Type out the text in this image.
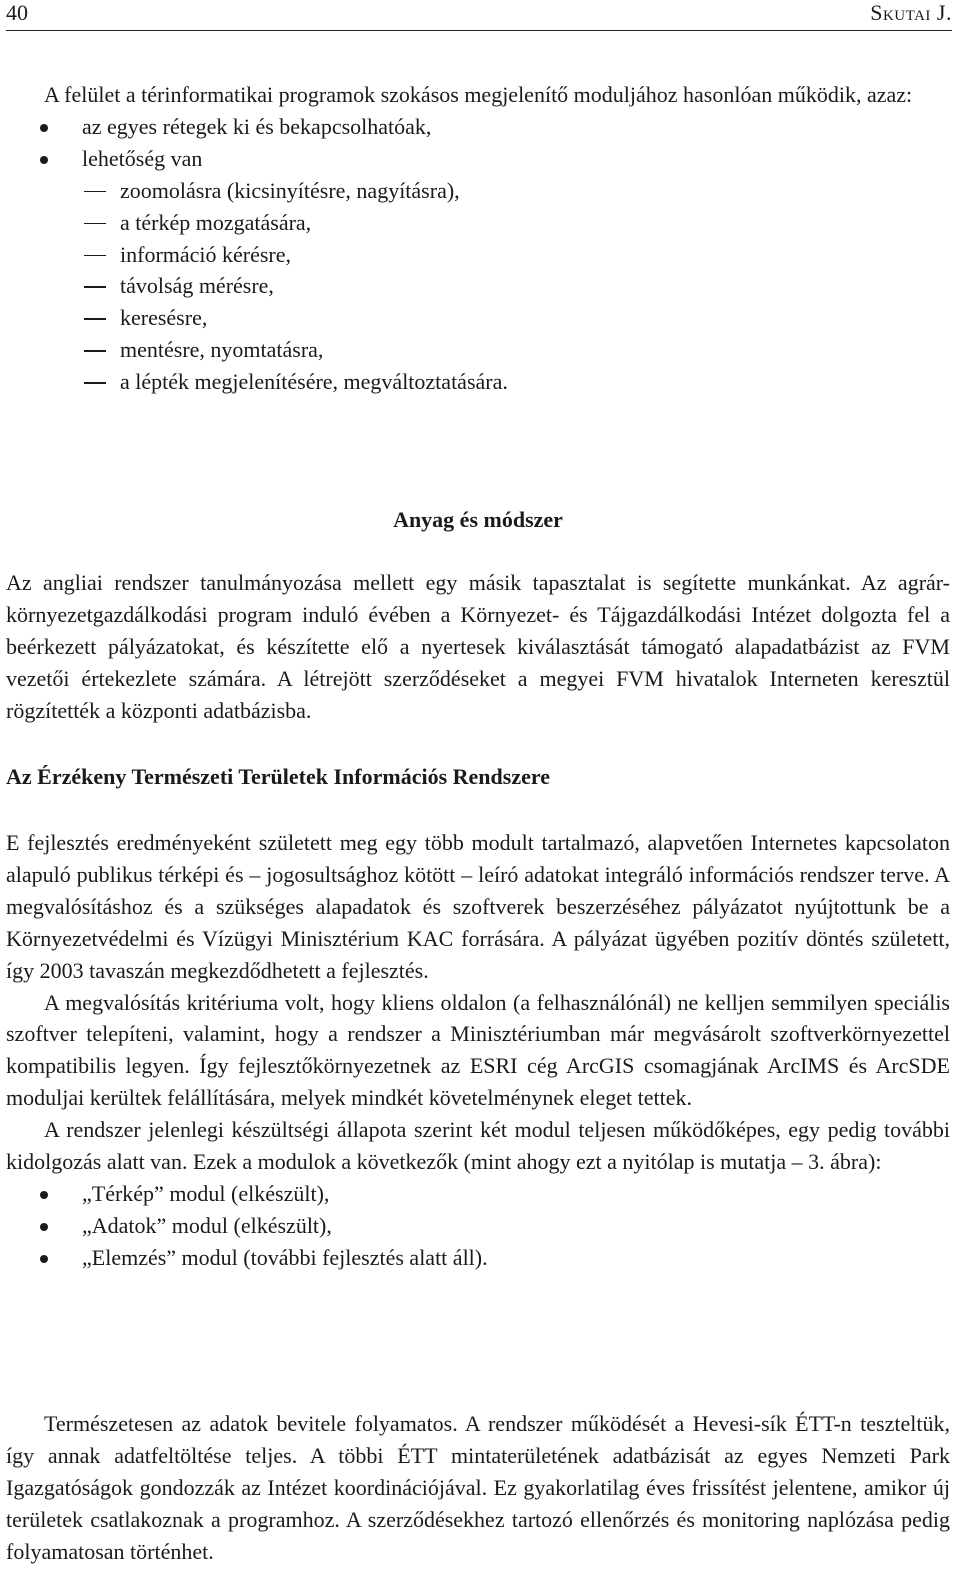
40	Skutai J.

A felület a térinformatikai programok szokásos megjelenítő moduljához hasonlóan működik, azaz:

az egyes rétegek ki és bekapcsolhatóak,
lehetőség van
zoomolásra (kicsinyítésre, nagyításra),
a térkép mozgatására,
információ kérésre,
távolság mérésre,
keresésre,
mentésre, nyomtatásra,
a lépték megjelenítésére, megváltoztatására.
Anyag és módszer

Az angliai rendszer tanulmányozása mellett egy másik tapasztalat is segítette munkánkat. Az agrár-környezetgazdálkodási program induló évében a Környezet- és Tájgazdálkodási Intézet dolgozta fel a beérkezett pályázatokat, és készítette elő a nyertesek kiválasztását támogató alapadatbázist az FVM vezetői értekezlete számára. A létrejött szerződéseket a megyei FVM hivatalok Interneten keresztül rögzítették a központi adatbázisba.

Az Érzékeny Természeti Területek Információs Rendszere

E fejlesztés eredményeként született meg egy több modult tartalmazó, alapvetően Internetes kapcsolaton alapuló publikus térképi és – jogosultsághoz kötött – leíró adatokat integráló információs rendszer terve. A megvalósításhoz és a szükséges alapadatok és szoftverek beszerzéséhez pályázatot nyújtottunk be a Környezetvédelmi és Vízügyi Minisztérium KAC forrására. A pályázat ügyében pozitív döntés született, így 2003 tavaszán megkezdődhetett a fejlesztés.

A megvalósítás kritériuma volt, hogy kliens oldalon (a felhasználónál) ne kelljen semmilyen speciális szoftver telepíteni, valamint, hogy a rendszer a Minisztériumban már megvásárolt szoftverkörnyezettel kompatibilis legyen. Így fejlesztőkörnyezetnek az ESRI cég ArcGIS csomagjának ArcIMS és ArcSDE moduljai kerültek felállítására, melyek mindkét követelménynek eleget tettek.

A rendszer jelenlegi készültségi állapota szerint két modul teljesen működőképes, egy pedig további kidolgozás alatt van. Ezek a modulok a következők (mint ahogy ezt a nyitólap is mutatja – 3. ábra):

„Térkép” modul (elkészült),
„Adatok” modul (elkészült),
„Elemzés” modul (további fejlesztés alatt áll).

Természetesen az adatok bevitele folyamatos. A rendszer működését a Hevesi-sík ÉTT-n teszteltük, így annak adatfeltöltése teljes. A többi ÉTT mintaterületének adatbázisát az egyes Nemzeti Park Igazgatóságok gondozzák az Intézet koordinációjával. Ez gyakorlatilag éves frissítést jelentene, amikor új területek csatlakoznak a programhoz. A szerződésekhez tartozó ellenőrzés és monitoring naplózása pedig folyamatosan történhet.
